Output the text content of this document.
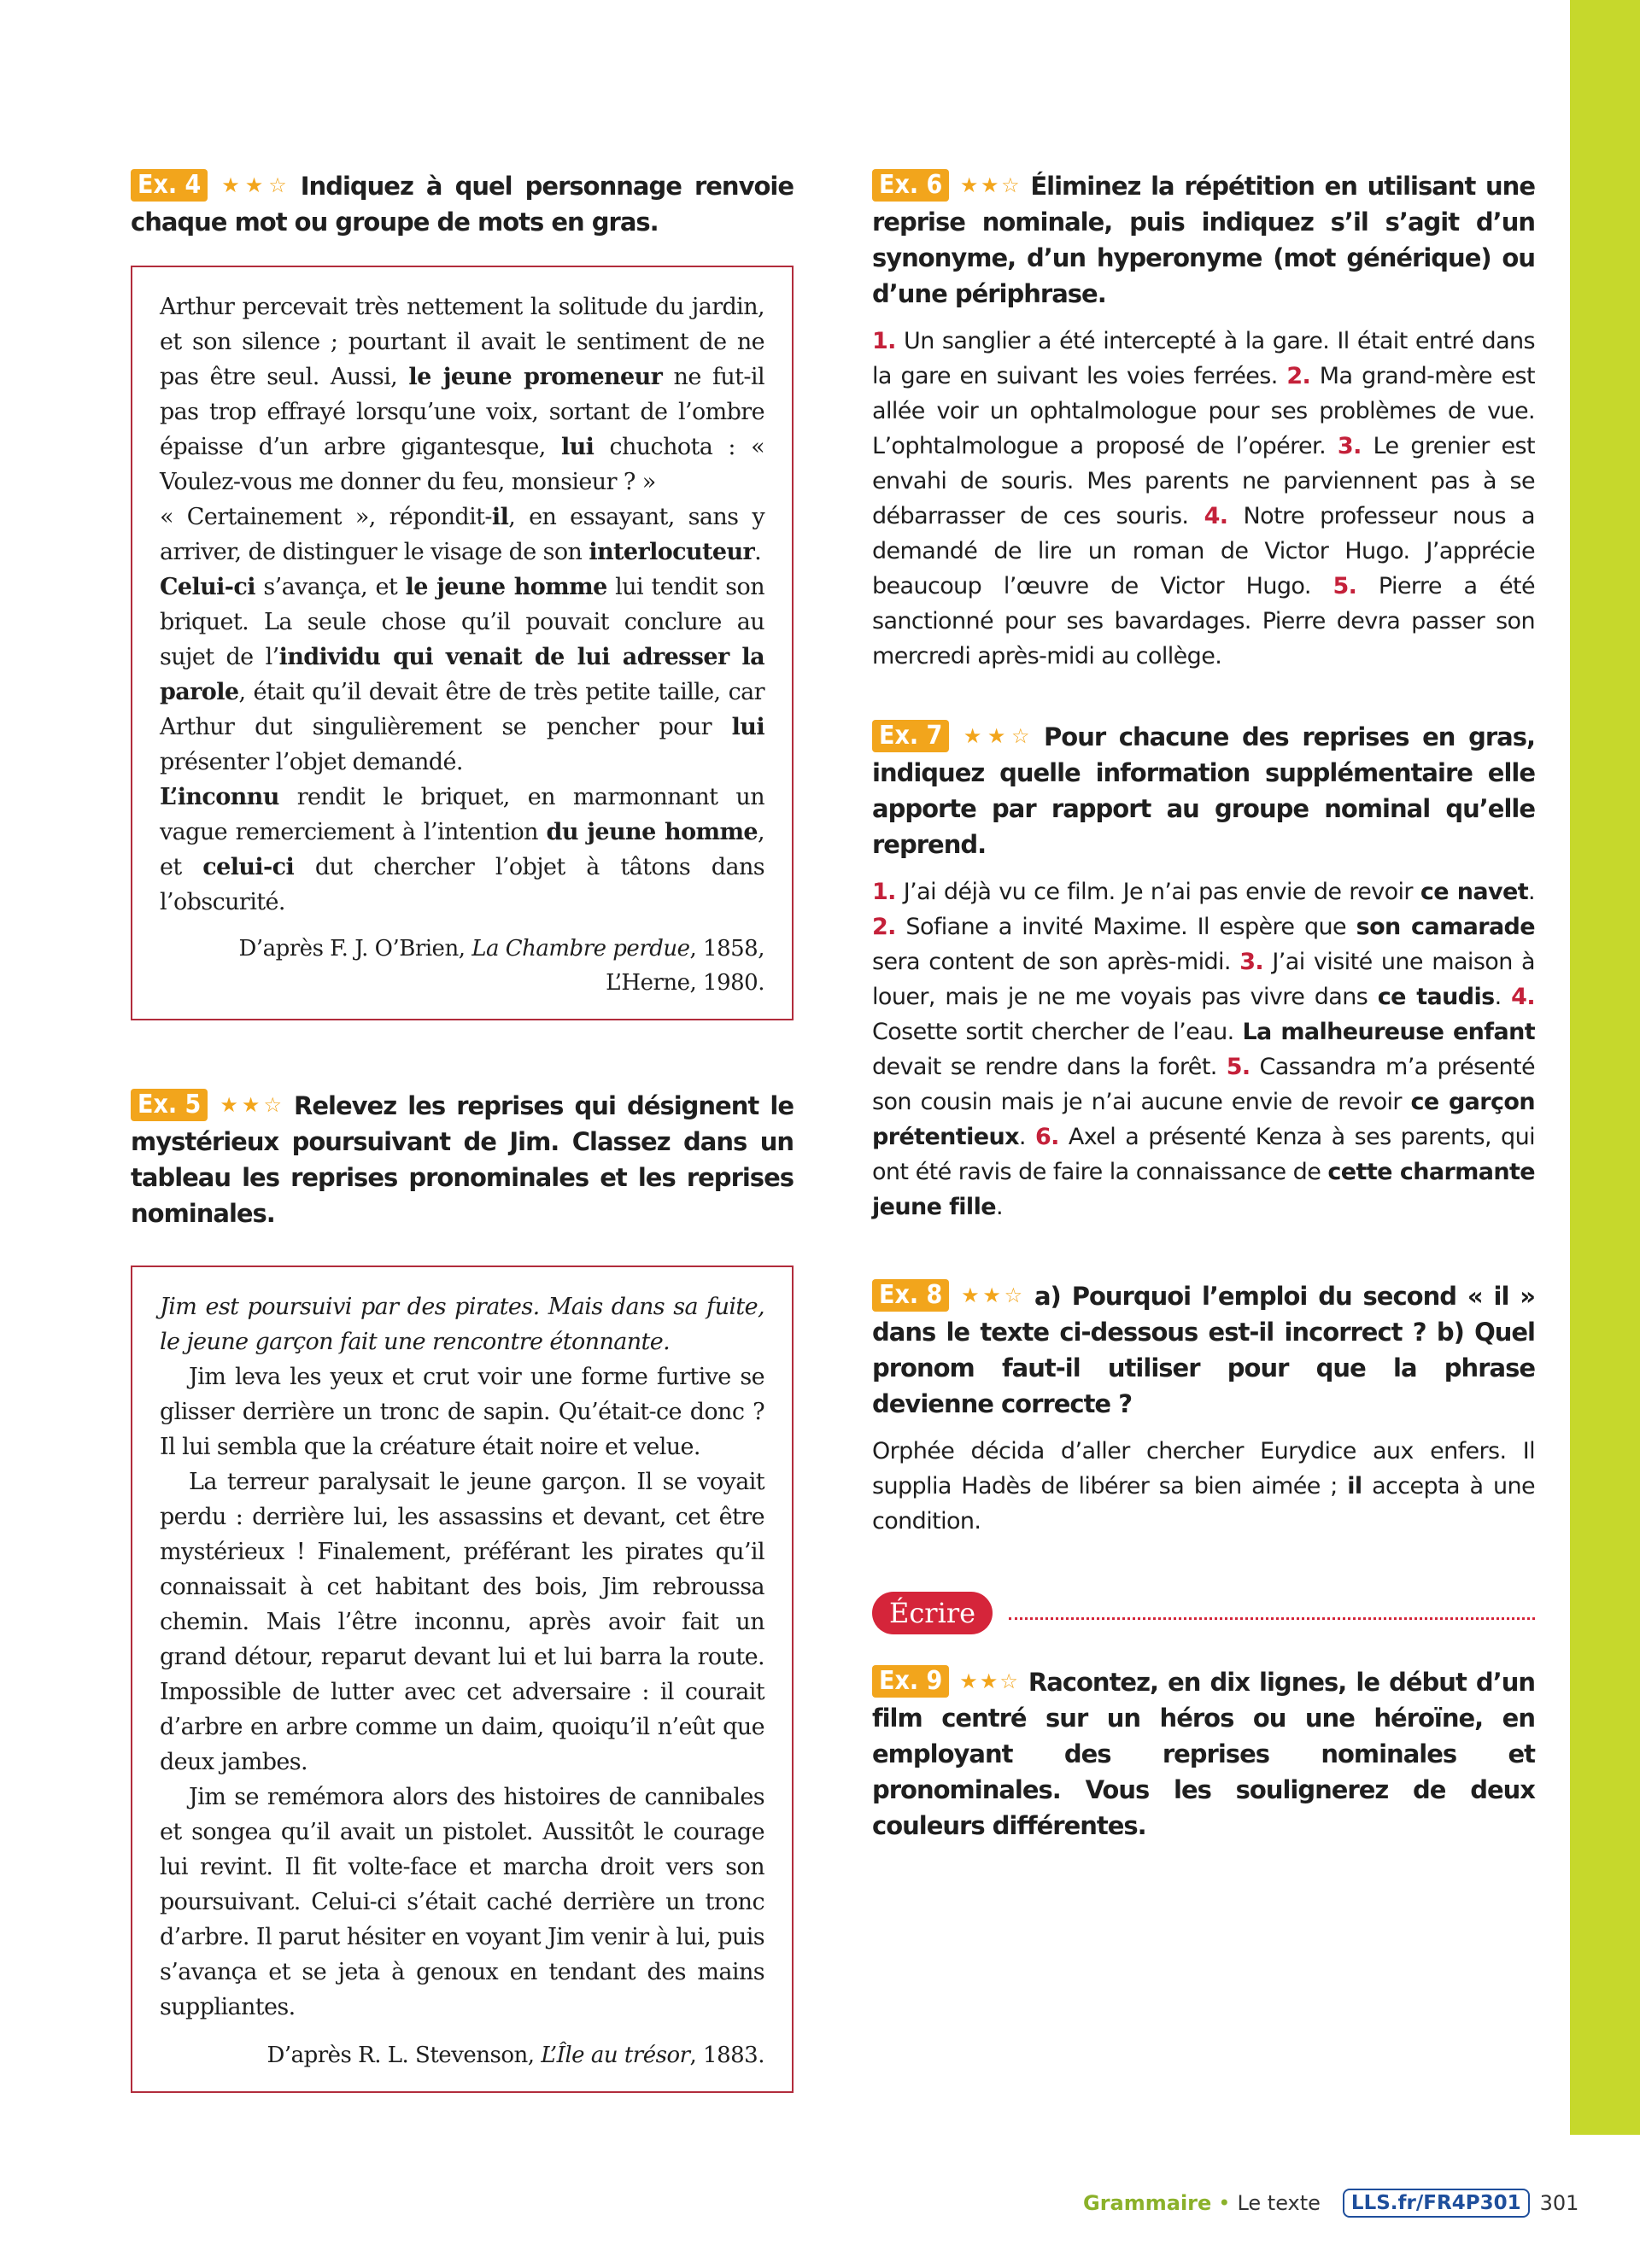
Ex. 4 ★★☆ Indiquez à quel personnage renvoie chaque mot ou groupe de mots en gras.

Arthur percevait très nettement la solitude du jardin, et son silence ; pourtant il avait le sentiment de ne pas être seul. Aussi, le jeune promeneur ne fut-il pas trop effrayé lorsqu’une voix, sortant de l’ombre épaisse d’un arbre gigantesque, lui chuchota : « Voulez-vous me donner du feu, monsieur ? »

« Certainement », répondit-il, en essayant, sans y arriver, de distinguer le visage de son interlocuteur.

Celui-ci s’avança, et le jeune homme lui tendit son briquet. La seule chose qu’il pouvait conclure au sujet de l’individu qui venait de lui adresser la parole, était qu’il devait être de très petite taille, car Arthur dut singulièrement se pencher pour lui présenter l’objet demandé.

L’inconnu rendit le briquet, en marmonnant un vague remerciement à l’intention du jeune homme, et celui-ci dut chercher l’objet à tâtons dans l’obscurité.

D’après F. J. O’Brien, La Chambre perdue, 1858, L’Herne, 1980.
Ex. 5 ★★☆ Relevez les reprises qui désignent le mystérieux poursuivant de Jim. Classez dans un tableau les reprises pronominales et les reprises nominales.

Jim est poursuivi par des pirates. Mais dans sa fuite, le jeune garçon fait une rencontre étonnante.

Jim leva les yeux et crut voir une forme furtive se glisser derrière un tronc de sapin. Qu’était-ce donc ? Il lui sembla que la créature était noire et velue.

La terreur paralysait le jeune garçon. Il se voyait perdu : derrière lui, les assassins et devant, cet être mystérieux ! Finalement, préférant les pirates qu’il connaissait à cet habitant des bois, Jim rebroussa chemin. Mais l’être inconnu, après avoir fait un grand détour, reparut devant lui et lui barra la route. Impossible de lutter avec cet adversaire : il courait d’arbre en arbre comme un daim, quoiqu’il n’eût que deux jambes.

Jim se remémora alors des histoires de cannibales et songea qu’il avait un pistolet. Aussitôt le courage lui revint. Il fit volte-face et marcha droit vers son poursuivant. Celui-ci s’était caché derrière un tronc d’arbre. Il parut hésiter en voyant Jim venir à lui, puis s’avança et se jeta à genoux en tendant des mains suppliantes.

D’après R. L. Stevenson, L’Île au trésor, 1883.
Ex. 6 ★★☆ Éliminez la répétition en utilisant une reprise nominale, puis indiquez s’il s’agit d’un synonyme, d’un hyperonyme (mot générique) ou d’une périphrase.
1. Un sanglier a été intercepté à la gare. Il était entré dans la gare en suivant les voies ferrées. 2. Ma grand-mère est allée voir un ophtalmologue pour ses problèmes de vue. L’ophtalmologue a proposé de l’opérer. 3. Le grenier est envahi de souris. Mes parents ne parviennent pas à se débarrasser de ces souris. 4. Notre professeur nous a demandé de lire un roman de Victor Hugo. J’apprécie beaucoup l’œuvre de Victor Hugo. 5. Pierre a été sanctionné pour ses bavardages. Pierre devra passer son mercredi après-midi au collège.
Ex. 7 ★★☆ Pour chacune des reprises en gras, indiquez quelle information supplémentaire elle apporte par rapport au groupe nominal qu’elle reprend.
1. J’ai déjà vu ce film. Je n’ai pas envie de revoir ce navet. 2. Sofiane a invité Maxime. Il espère que son camarade sera content de son après-midi. 3. J’ai visité une maison à louer, mais je ne me voyais pas vivre dans ce taudis. 4. Cosette sortit chercher de l’eau. La malheureuse enfant devait se rendre dans la forêt. 5. Cassandra m’a présenté son cousin mais je n’ai aucune envie de revoir ce garçon prétentieux. 6. Axel a présenté Kenza à ses parents, qui ont été ravis de faire la connaissance de cette charmante jeune fille.
Ex. 8 ★★☆ a) Pourquoi l’emploi du second « il » dans le texte ci-dessous est-il incorrect ? b) Quel pronom faut-il utiliser pour que la phrase devienne correcte ?
Orphée décida d’aller chercher Eurydice aux enfers. Il supplia Hadès de libérer sa bien aimée ; il accepta à une condition.
Écrire
Ex. 9 ★★☆ Racontez, en dix lignes, le début d’un film centré sur un héros ou une héroïne, en employant des reprises nominales et pronominales. Vous les soulignerez de deux couleurs différentes.
Grammaire • Le texte	LLS.fr/FR4P301 301
